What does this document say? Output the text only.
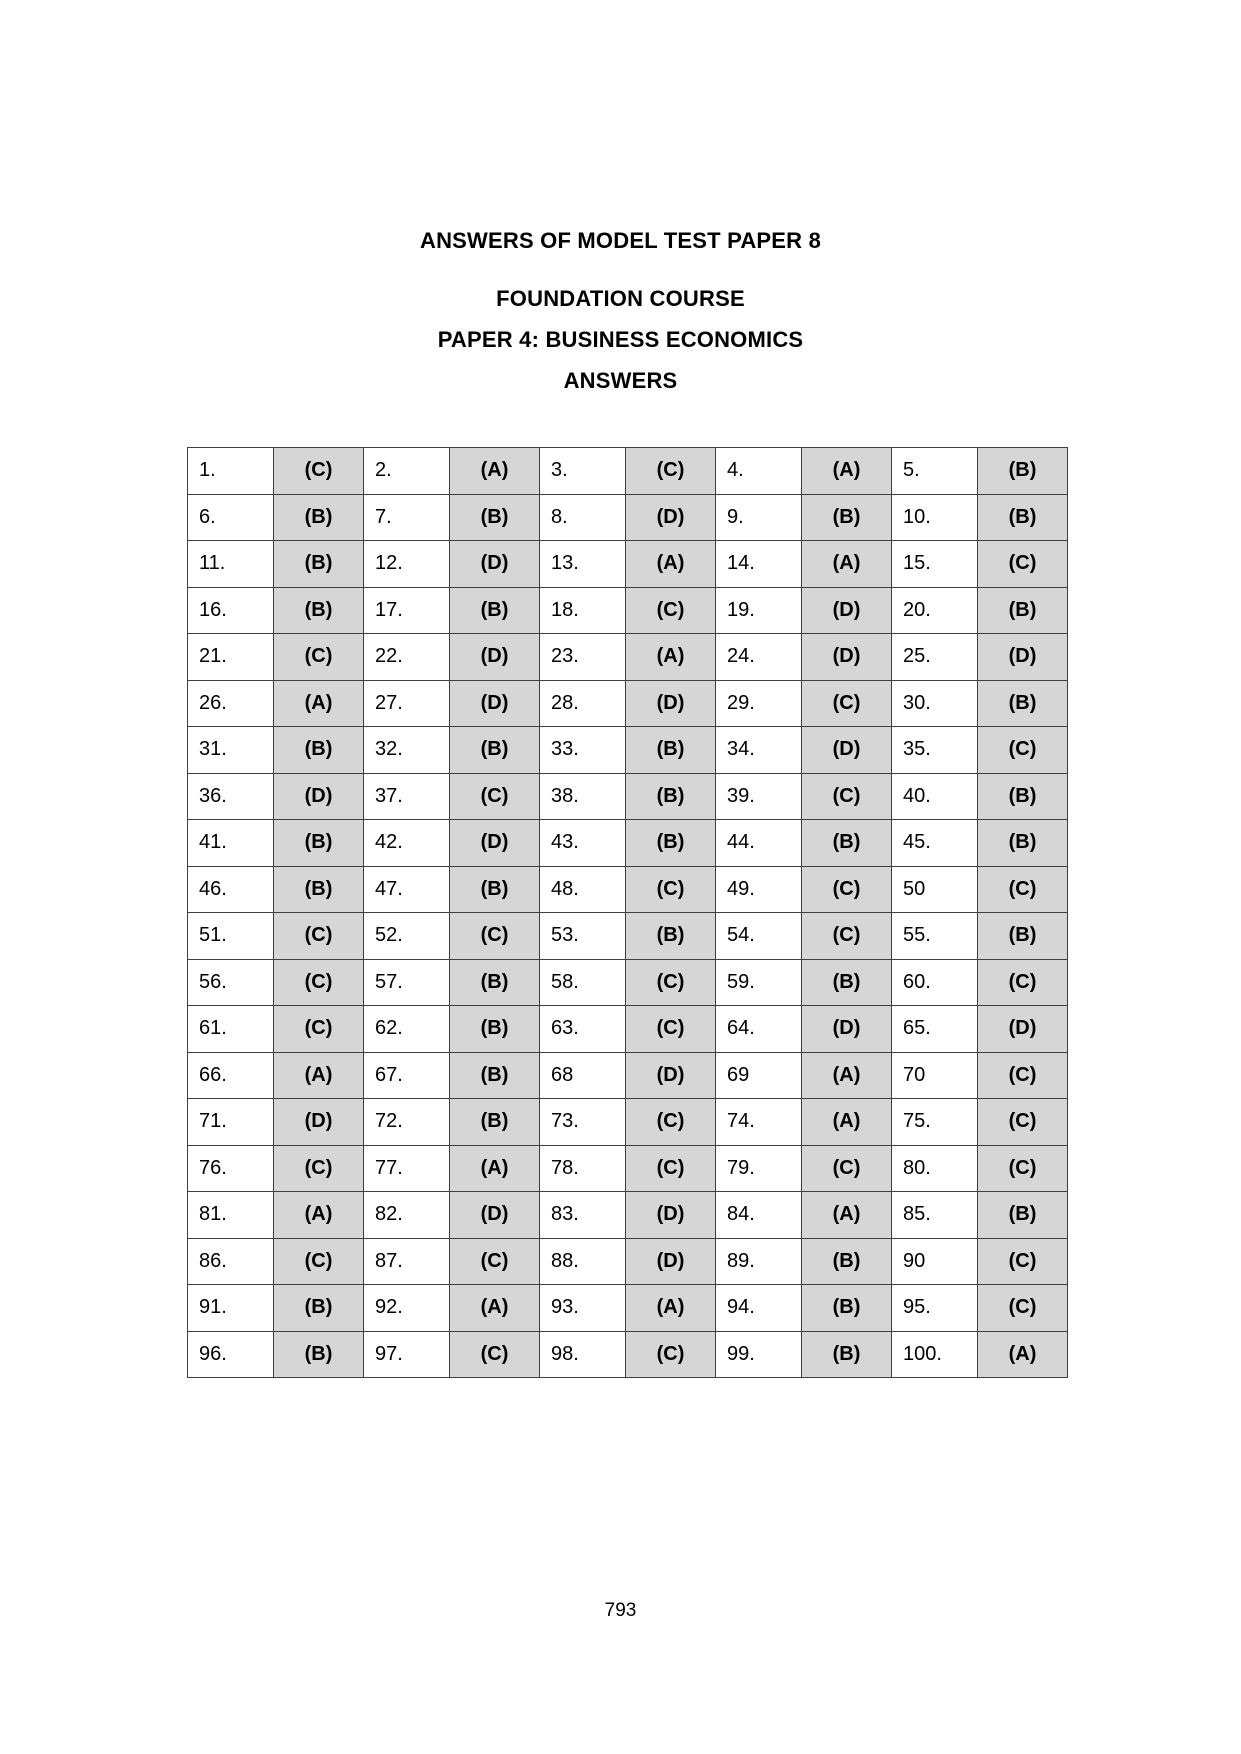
ANSWERS OF MODEL TEST PAPER 8
FOUNDATION COURSE
PAPER 4: BUSINESS ECONOMICS
ANSWERS
1.	(C)	2.	(A)	3.	(C)	4.	(A)	5.	(B)
6.	(B)	7.	(B)	8.	(D)	9.	(B)	10.	(B)
11.	(B)	12.	(D)	13.	(A)	14.	(A)	15.	(C)
16.	(B)	17.	(B)	18.	(C)	19.	(D)	20.	(B)
21.	(C)	22.	(D)	23.	(A)	24.	(D)	25.	(D)
26.	(A)	27.	(D)	28.	(D)	29.	(C)	30.	(B)
31.	(B)	32.	(B)	33.	(B)	34.	(D)	35.	(C)
36.	(D)	37.	(C)	38.	(B)	39.	(C)	40.	(B)
41.	(B)	42.	(D)	43.	(B)	44.	(B)	45.	(B)
46.	(B)	47.	(B)	48.	(C)	49.	(C)	50	(C)
51.	(C)	52.	(C)	53.	(B)	54.	(C)	55.	(B)
56.	(C)	57.	(B)	58.	(C)	59.	(B)	60.	(C)
61.	(C)	62.	(B)	63.	(C)	64.	(D)	65.	(D)
66.	(A)	67.	(B)	68	(D)	69	(A)	70	(C)
71.	(D)	72.	(B)	73.	(C)	74.	(A)	75.	(C)
76.	(C)	77.	(A)	78.	(C)	79.	(C)	80.	(C)
81.	(A)	82.	(D)	83.	(D)	84.	(A)	85.	(B)
86.	(C)	87.	(C)	88.	(D)	89.	(B)	90	(C)
91.	(B)	92.	(A)	93.	(A)	94.	(B)	95.	(C)
96.	(B)	97.	(C)	98.	(C)	99.	(B)	100.	(A)
793
